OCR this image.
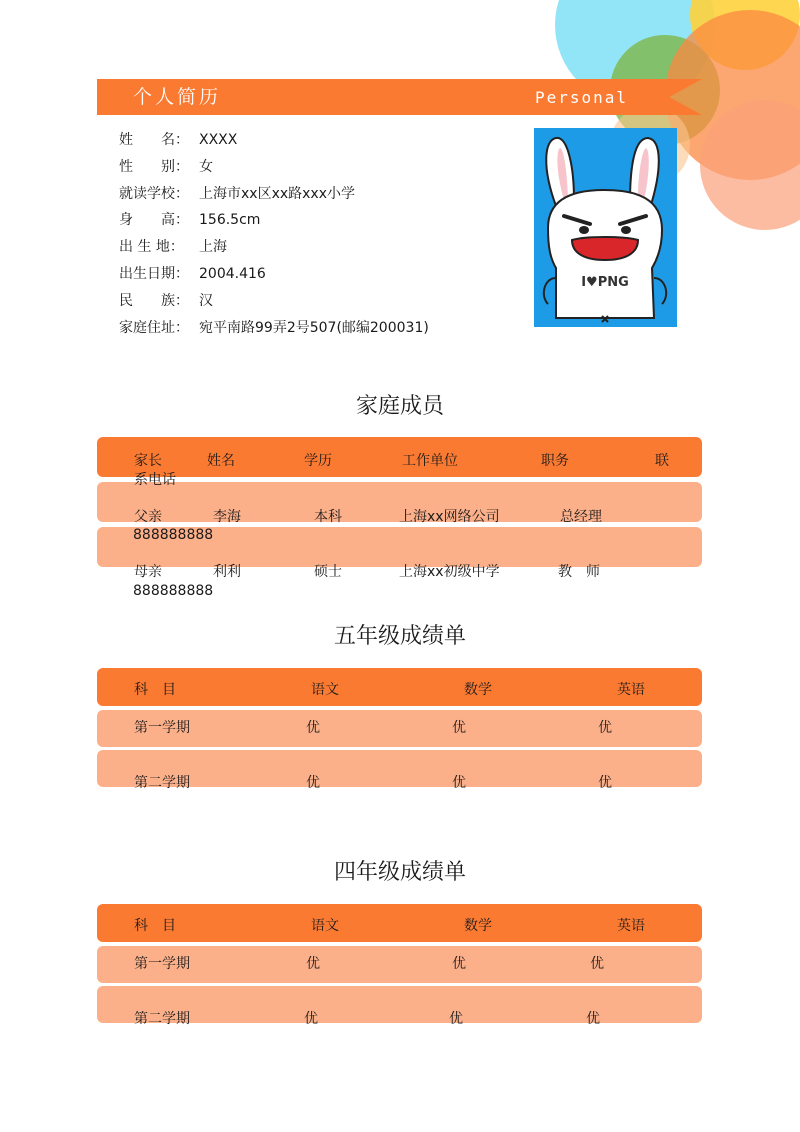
个人简历	Personal
姓　　名： XXXX
性　　别： 女
就读学校： 上海市xx区xx路xxx小学
身　　高： 156.5cm
出 生 地： 上海
出生日期： 2004.416
民　　族： 汉
家庭住址： 宛平南路99弄2号507(邮编200031)
I♥PNG
家庭成员
家长	姓名	学历	工作单位	职务	联
系电话
父亲	李海	本科	上海xx网络公司	总经理
888888888
母亲	利利	硕士	上海xx初级中学	教　师
888888888
五年级成绩单
科　目	语文	数学	英语
第一学期	优	优	优
第二学期	优	优	优
四年级成绩单
科　目	语文	数学	英语
第一学期	优	优	优
第二学期	优	优	优
